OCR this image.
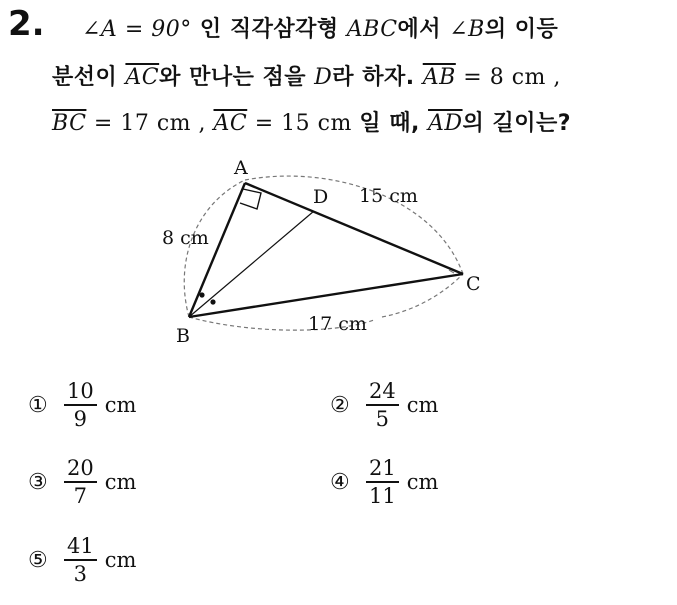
2. ∠A = 90° 인 직각삼각형 ABC에서 ∠B의 이등
분선이 $\overline{AC}$와 만나는 점을 D라 하자. $\overline{AB} = 8$ cm ,
$\overline{BC} = 17$ cm , $\overline{AC} = 15$ cm 일 때, $\overline{AD}$의 길이는?
A
B
C
D
8 cm
15 cm
17 cm
① $\frac{10}{9}$ cm	② $\frac{24}{5}$ cm
③ $\frac{20}{7}$ cm	④ $\frac{21}{11}$ cm
⑤ $\frac{41}{3}$ cm
